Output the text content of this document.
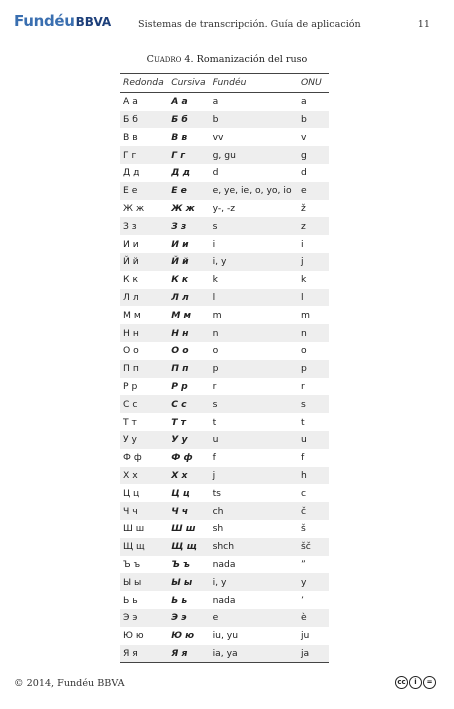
FundéuBBVA	Sistemas de transcripción. Guía de aplicación	11
Cuadro 4. Romanización del ruso
Redonda	Cursiva	Fundéu	ONU
А а	А а	a	a
Б б	Б б	b	b
В в	В в	vv	v
Г г	Г г	g, gu	g
Д д	Д д	d	d
Е е	Е е	e, ye, ie, o, yo, io	e
Ж ж	Ж ж	y-, -z	ž
З з	З з	s	z
И и	И и	i	i
Й й	Й й	i, y	j
К к	К к	k	k
Л л	Л л	l	l
М м	М м	m	m
Н н	Н н	n	n
О о	О о	o	o
П п	П п	p	p
Р р	Р р	r	r
С с	С с	s	s
Т т	Т т	t	t
У у	У у	u	u
Ф ф	Ф ф	f	f
Х х	Х х	j	h
Ц ц	Ц ц	ts	c
Ч ч	Ч ч	ch	č
Ш ш	Ш ш	sh	š
Щ щ	Щ щ	shch	šč
Ъ ъ	Ъ ъ	nada	ˮ
Ы ы	Ы ы	i, y	y
Ь ь	Ь ь	nada	ʼ
Э э	Э э	e	è
Ю ю	Ю ю	iu, yu	ju
Я я	Я я	ia, ya	ja
© 2014, Fundéu BBVA	cc	i	=
